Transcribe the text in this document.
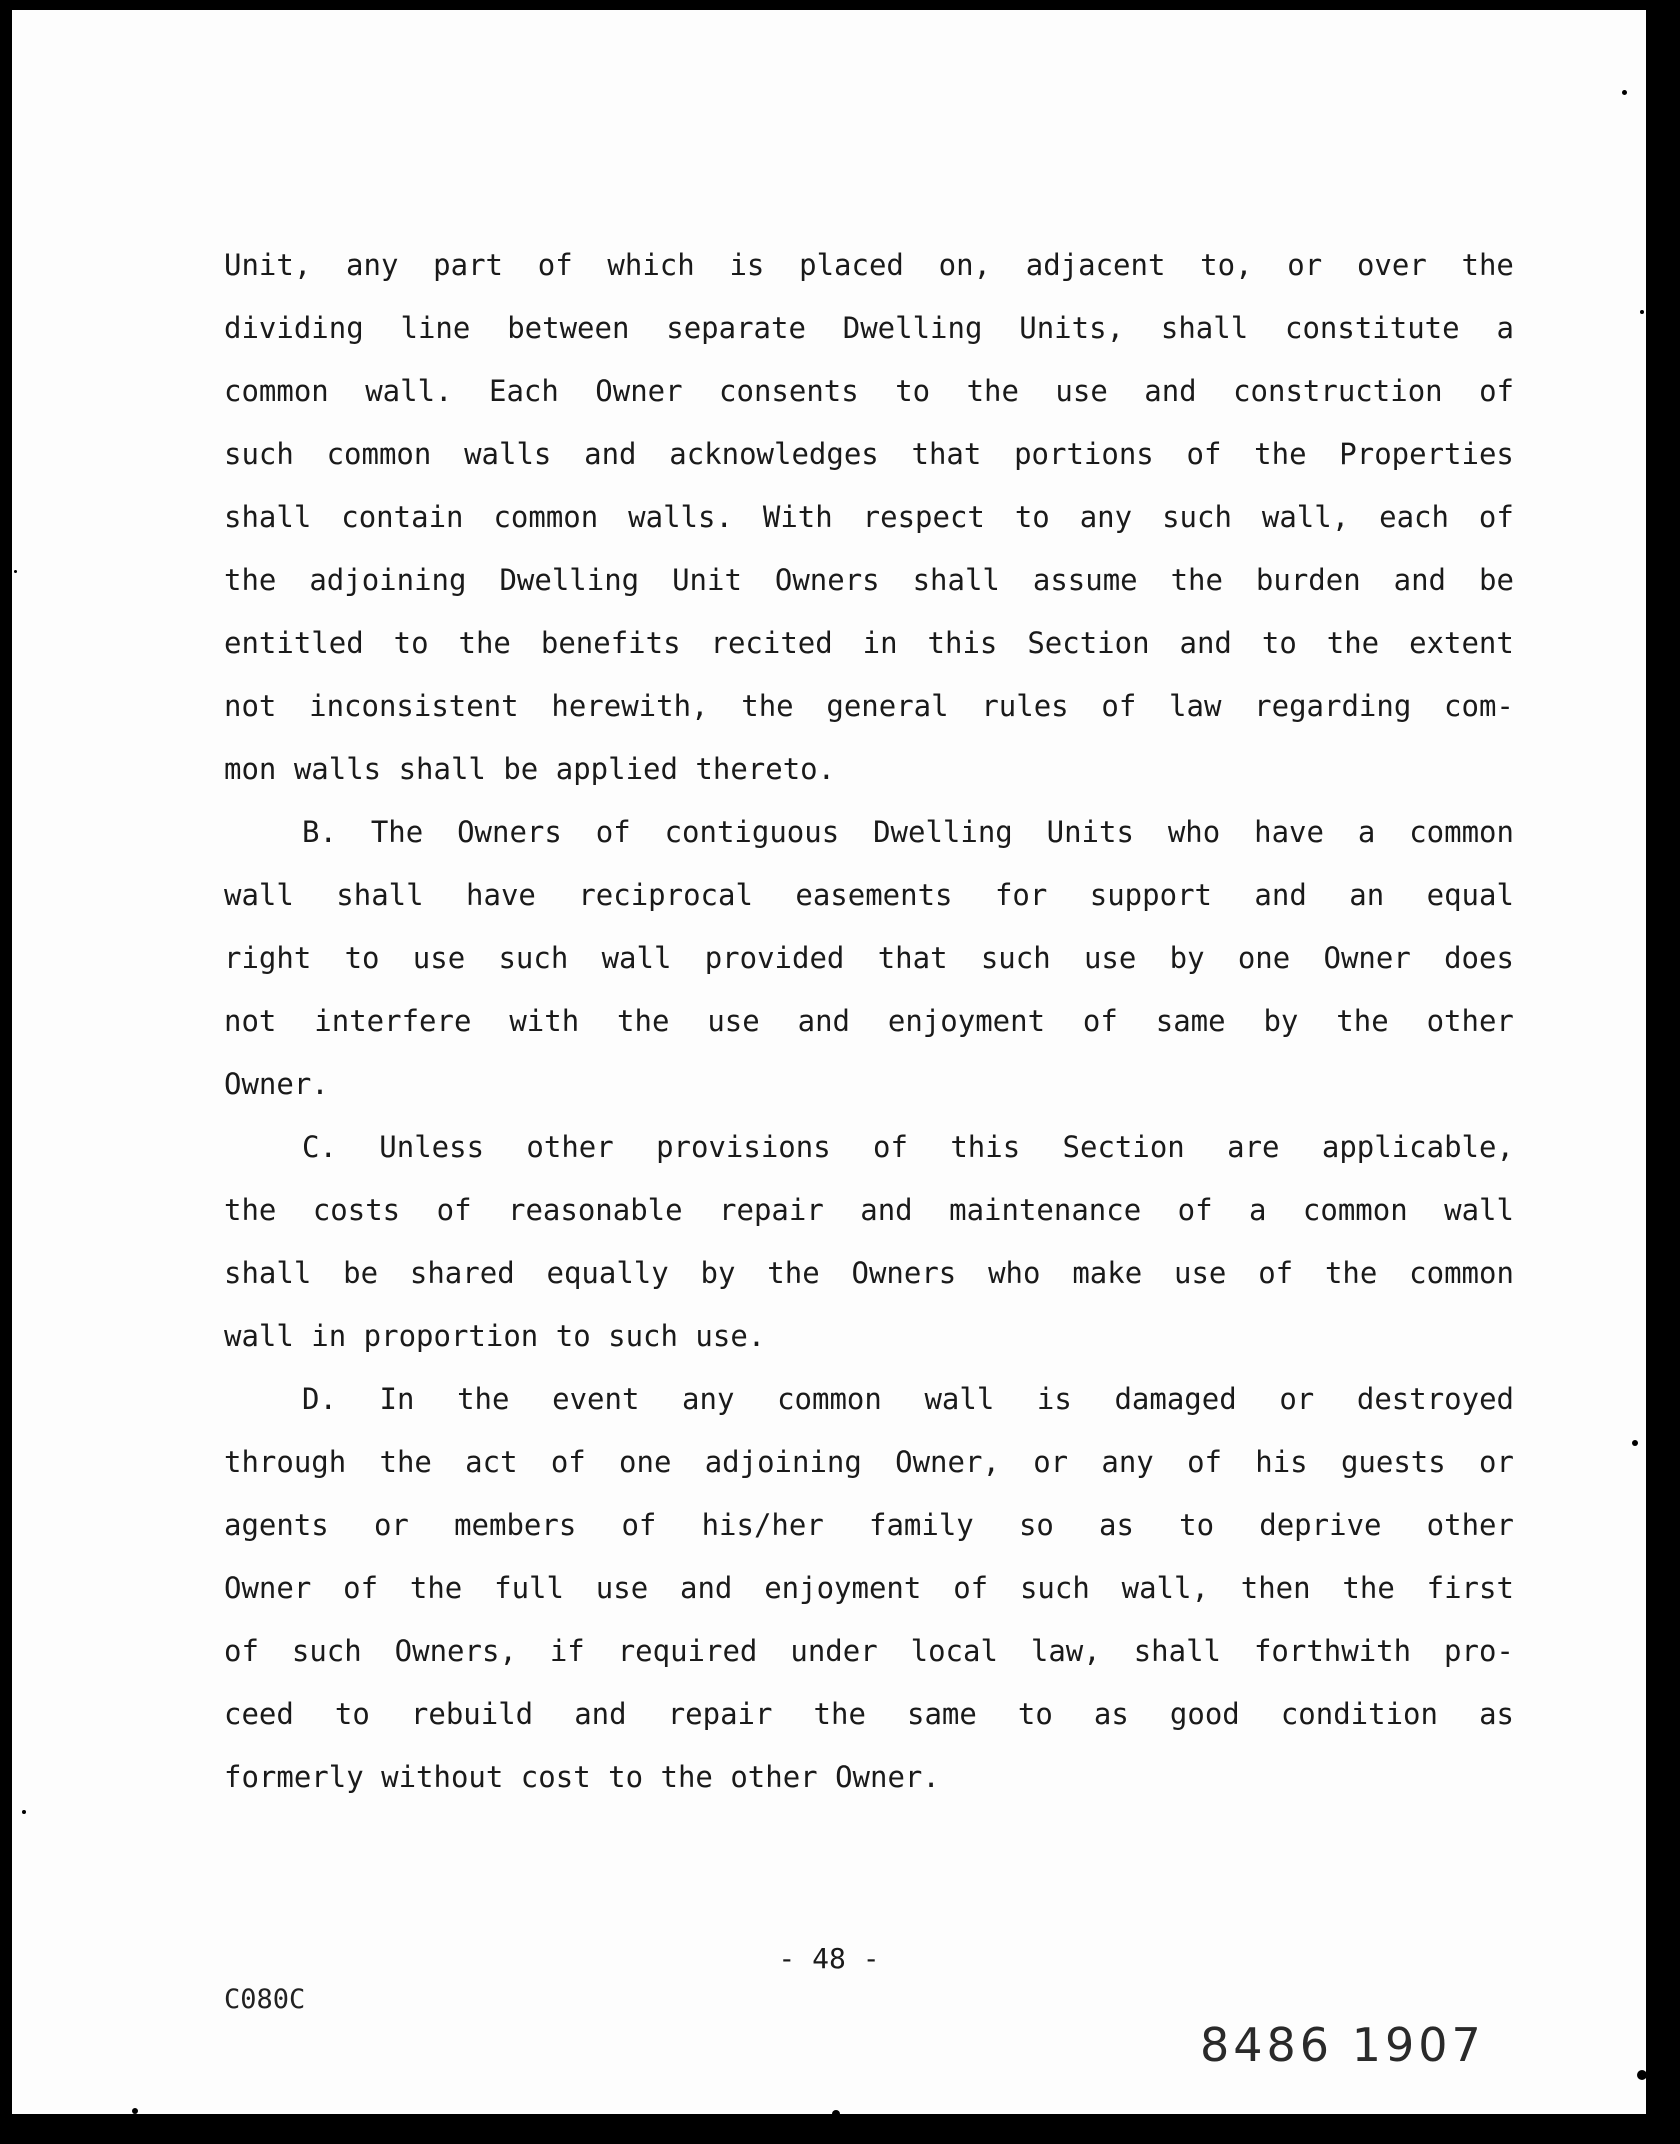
Unit, any part of which is placed on, adjacent to, or over the
dividing line between separate Dwelling Units, shall constitute a
common wall. Each Owner consents to the use and construction of
such common walls and acknowledges that portions of the Properties
shall contain common walls. With respect to any such wall, each of
the adjoining Dwelling Unit Owners shall assume the burden and be
entitled to the benefits recited in this Section and to the extent
not inconsistent herewith, the general rules of law regarding com-
mon walls shall be applied thereto.
B. The Owners of contiguous Dwelling Units who have a common
wall shall have reciprocal easements for support and an equal
right to use such wall provided that such use by one Owner does
not interfere with the use and enjoyment of same by the other
Owner.
C. Unless other provisions of this Section are applicable,
the costs of reasonable repair and maintenance of a common wall
shall be shared equally by the Owners who make use of the common
wall in proportion to such use.
D. In the event any common wall is damaged or destroyed
through the act of one adjoining Owner, or any of his guests or
agents or members of his/her family so as to deprive other
Owner of the full use and enjoyment of such wall, then the first
of such Owners, if required under local law, shall forthwith pro-
ceed to rebuild and repair the same to as good condition as
formerly without cost to the other Owner.
- 48 -
C080C
8486 1907
